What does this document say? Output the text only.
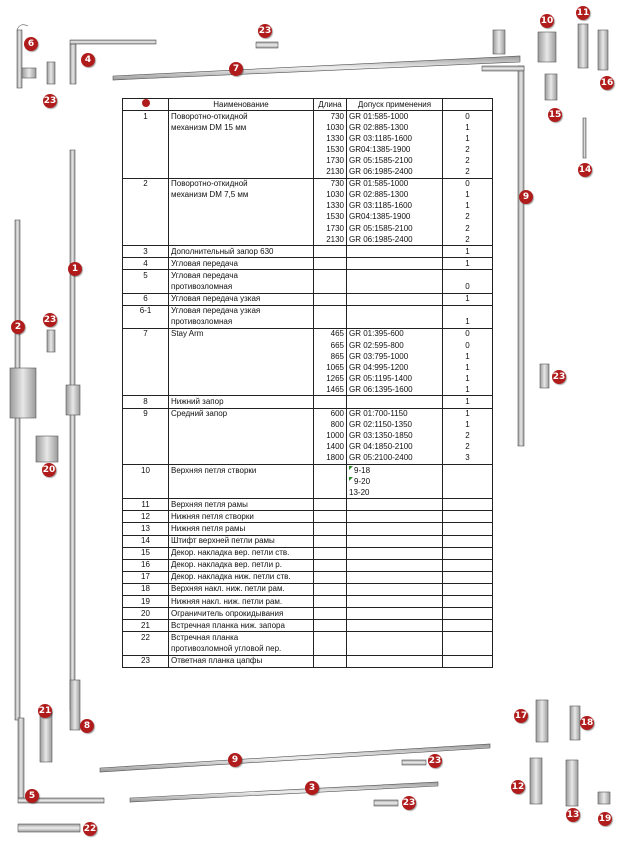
	Наименование	Длина	Допуск применения	
1	Поворотно-откидной	730	GR 01:585-1000	0
	механизм DM 15 мм	1030	GR 02:885-1300	1
		1330	GR 03:1185-1600	1
		1530	GR04:1385-1900	2
		1730	GR 05:1585-2100	2
		2130	GR 06:1985-2400	2
2	Поворотно-откидной	730	GR 01:585-1000	0
	механизм DM 7,5 мм	1030	GR 02:885-1300	1
		1330	GR 03:1185-1600	1
		1530	GR04:1385-1900	2
		1730	GR 05:1585-2100	2
		2130	GR 06:1985-2400	2
3	Дополнительный запор 630			1
4	Угловая передача			1
5	Угловая передача			
	противозломная			0
6	Угловая передача узкая			1
6-1	Угловая передача узкая			
	противозломная			1
7	Stay Arm	465	GR 01:395-600	0
		665	GR 02:595-800	0
		865	GR 03:795-1000	1
		1065	GR 04:995-1200	1
		1265	GR 05:1195-1400	1
		1465	GR 06:1395-1600	1
8	Нижний запор			1
9	Средний запор	600	GR 01:700-1150	1
		800	GR 02:1150-1350	1
		1000	GR 03:1350-1850	2
		1400	GR 04:1850-2100	2
		1800	GR 05:2100-2400	3
10	Верхняя петля створки		9-18	
			9-20	
			13-20	
11	Верхняя петля рамы			
12	Нижняя петля створки			
13	Нижняя петля рамы			
14	Штифт верхней петли рамы			
15	Декор. накладка вер. петли ств.			
16	Декор. накладка вер. петли р.			
17	Декор. накладка ниж. петли ств.			
18	Верхняя накл. ниж. петли рам.			
19	Нижняя накл. ниж. петли рам.			
20	Ограничитель опрокидывания			
21	Встречная планка ниж. запора			
22	Встречная планка			
	противозломной угловой пер.			
23	Ответная планка цапфы			
1
2
3
4
5
6
7
8
9
9
10
11
12
13
14
15
16
17
18
19
20
21
22
23
23
23
23
23
23
